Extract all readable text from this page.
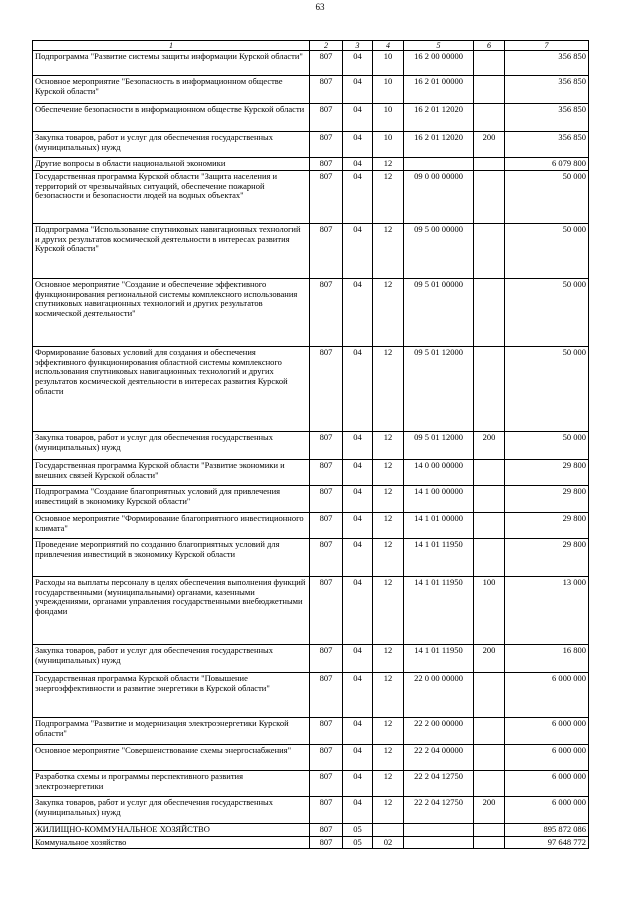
63
1	2	3	4	5	6	7
Подпрограмма "Развитие системы защиты информации Курской области"	807	04	10	16 2 00 00000		356 850
Основное мероприятие "Безопасность в информационном обществе Курской области"	807	04	10	16 2 01 00000		356 850
Обеспечение безопасности в информационном обществе Курской области	807	04	10	16 2 01 12020		356 850
Закупка товаров, работ и услуг для обеспечения государственных (муниципальных) нужд	807	04	10	16 2 01 12020	200	356 850
Другие вопросы в области национальной экономики	807	04	12			6 079 800
Государственная программа Курской области "Защита населения и территорий от чрезвычайных ситуаций, обеспечение пожарной безопасности и безопасности людей на водных объектах"	807	04	12	09 0 00 00000		50 000
Подпрограмма "Использование спутниковых навигационных технологий и других результатов космической деятельности в интересах развития Курской области"	807	04	12	09 5 00 00000		50 000
Основное мероприятие "Создание и обеспечение эффективного функционирования региональной системы комплексного использования спутниковых навигационных технологий и других результатов космической деятельности"	807	04	12	09 5 01 00000		50 000
Формирование базовых условий для создания и обеспечения эффективного функционирования областной системы комплексного использования спутниковых навигационных технологий и других результатов космической деятельности в интересах развития Курской области	807	04	12	09 5 01 12000		50 000
Закупка товаров, работ и услуг для обеспечения государственных (муниципальных) нужд	807	04	12	09 5 01 12000	200	50 000
Государственная программа Курской области "Развитие экономики и внешних связей Курской области"	807	04	12	14 0 00 00000		29 800
Подпрограмма "Создание благоприятных условий для привлечения инвестиций в экономику Курской области"	807	04	12	14 1 00 00000		29 800
Основное мероприятие "Формирование благоприятного инвестиционного климата"	807	04	12	14 1 01 00000		29 800
Проведение мероприятий по созданию благоприятных условий для привлечения инвестиций в экономику Курской области	807	04	12	14 1 01 11950		29 800
Расходы на выплаты персоналу в целях обеспечения выполнения функций государственными (муниципальными) органами, казенными учреждениями, органами управления государственными внебюджетными фондами	807	04	12	14 1 01 11950	100	13 000
Закупка товаров, работ и услуг для обеспечения государственных (муниципальных) нужд	807	04	12	14 1 01 11950	200	16 800
Государственная программа Курской области "Повышение энергоэффективности и развитие энергетики в Курской области"	807	04	12	22 0 00 00000		6 000 000
Подпрограмма "Развитие и модернизация электроэнергетики Курской области"	807	04	12	22 2 00 00000		6 000 000
Основное мероприятие "Совершенствование схемы энергоснабжения"	807	04	12	22 2 04 00000		6 000 000
Разработка схемы и программы перспективного развития электроэнергетики	807	04	12	22 2 04 12750		6 000 000
Закупка товаров, работ и услуг для обеспечения государственных (муниципальных) нужд	807	04	12	22 2 04 12750	200	6 000 000
ЖИЛИЩНО-КОММУНАЛЬНОЕ ХОЗЯЙСТВО	807	05				895 872 086
Коммунальное хозяйство	807	05	02			97 648 772
